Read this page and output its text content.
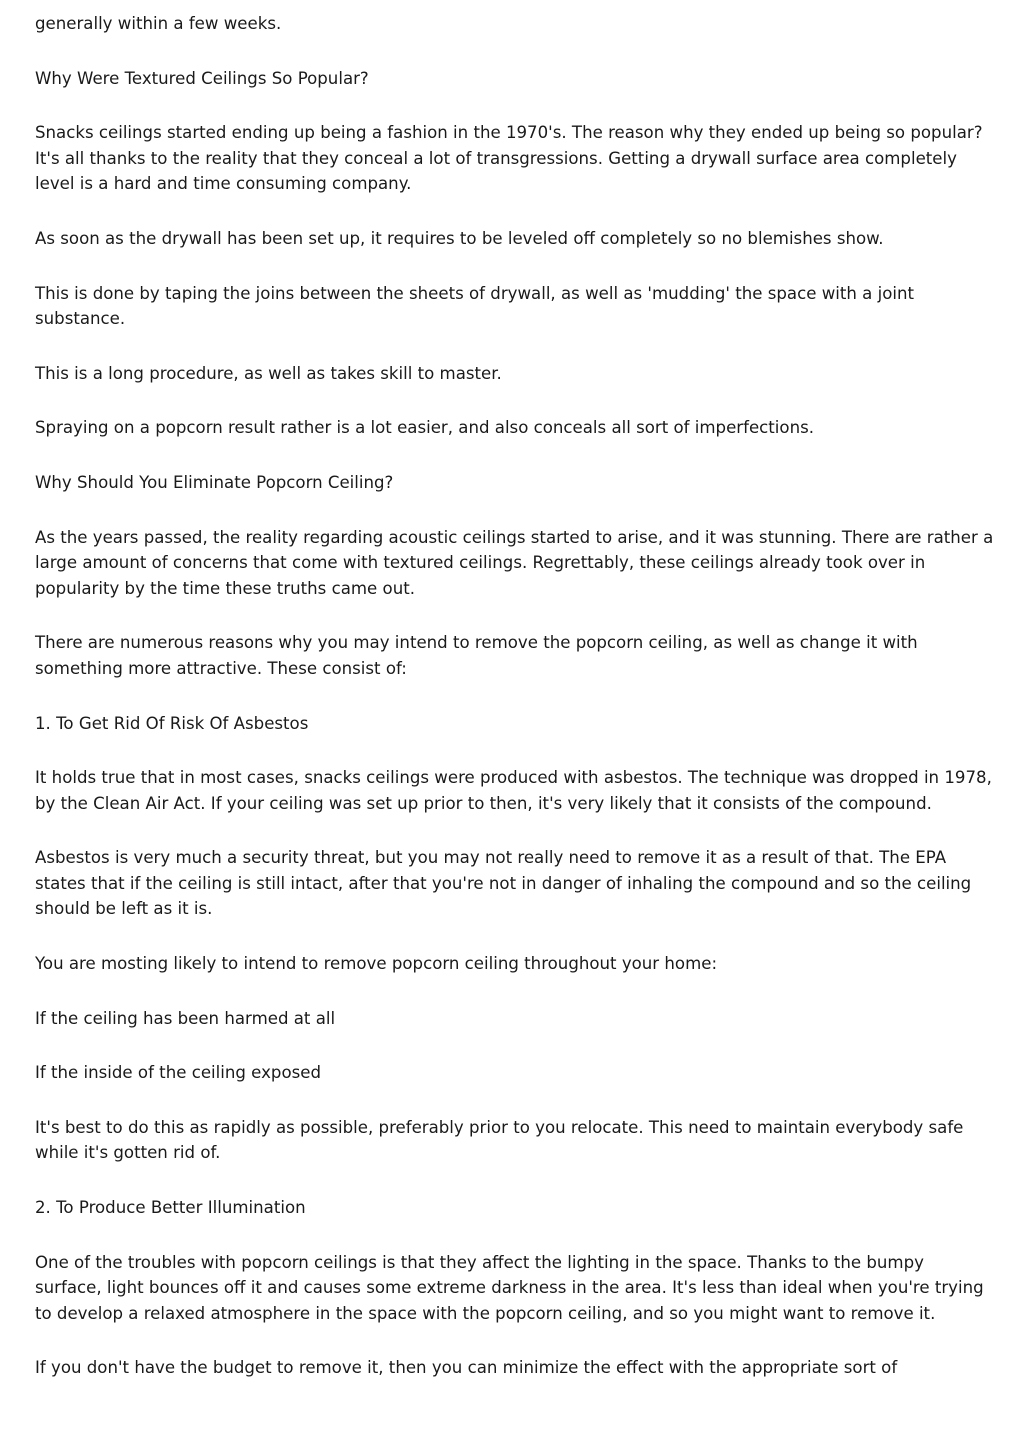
generally within a few weeks.

Why Were Textured Ceilings So Popular?

Snacks ceilings started ending up being a fashion in the 1970's. The reason why they ended up being so popular? It's all thanks to the reality that they conceal a lot of transgressions. Getting a drywall surface area completely level is a hard and time consuming company.

As soon as the drywall has been set up, it requires to be leveled off completely so no blemishes show.

This is done by taping the joins between the sheets of drywall, as well as 'mudding' the space with a joint substance.

This is a long procedure, as well as takes skill to master.

Spraying on a popcorn result rather is a lot easier, and also conceals all sort of imperfections.

Why Should You Eliminate Popcorn Ceiling?

As the years passed, the reality regarding acoustic ceilings started to arise, and it was stunning. There are rather a large amount of concerns that come with textured ceilings. Regrettably, these ceilings already took over in popularity by the time these truths came out.

There are numerous reasons why you may intend to remove the popcorn ceiling, as well as change it with something more attractive. These consist of:

1. To Get Rid Of Risk Of Asbestos

It holds true that in most cases, snacks ceilings were produced with asbestos. The technique was dropped in 1978, by the Clean Air Act. If your ceiling was set up prior to then, it's very likely that it consists of the compound.

Asbestos is very much a security threat, but you may not really need to remove it as a result of that. The EPA states that if the ceiling is still intact, after that you're not in danger of inhaling the compound and so the ceiling should be left as it is.

You are mosting likely to intend to remove popcorn ceiling throughout your home:

If the ceiling has been harmed at all

If the inside of the ceiling exposed

It's best to do this as rapidly as possible, preferably prior to you relocate. This need to maintain everybody safe while it's gotten rid of.

2. To Produce Better Illumination

One of the troubles with popcorn ceilings is that they affect the lighting in the space. Thanks to the bumpy surface, light bounces off it and causes some extreme darkness in the area. It's less than ideal when you're trying to develop a relaxed atmosphere in the space with the popcorn ceiling, and so you might want to remove it.

If you don't have the budget to remove it, then you can minimize the effect with the appropriate sort of
